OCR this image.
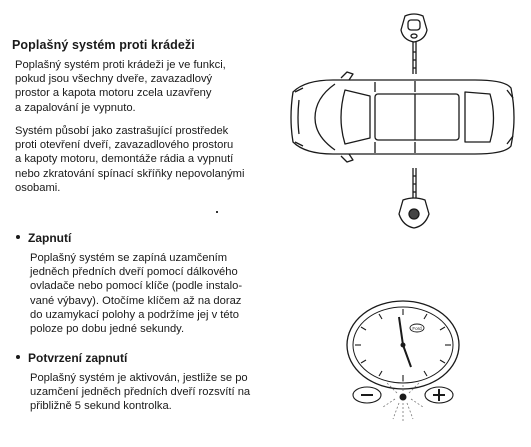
Poplašný systém proti krádeži
Poplašný systém proti krádeži je ve funkci,
pokud jsou všechny dveře, zavazadlový
prostor a kapota motoru zcela uzavřeny
a zapalování je vypnuto.
Systém působí jako zastrašující prostředek
proti otevření dveří, zavazadlového prostoru
a kapoty motoru, demontáže rádia a vypnutí
nebo zkratování spínací skříňky nepovolanými
osobami.
Zapnutí
Poplašný systém se zapíná uzamčením
jedněch předních dveří pomocí dálkového
ovladače nebo pomocí klíče (podle instalo-
vané výbavy). Otočíme klíčem až na doraz
do uzamykací polohy a podržíme jej v této
poloze po dobu jedné sekundy.
Potvrzení zapnutí
Poplašný systém je aktivován, jestliže se po
uzamčení jedněch předních dveří rozsvítí na
přibližně 5 sekund kontrolka.
Ford
